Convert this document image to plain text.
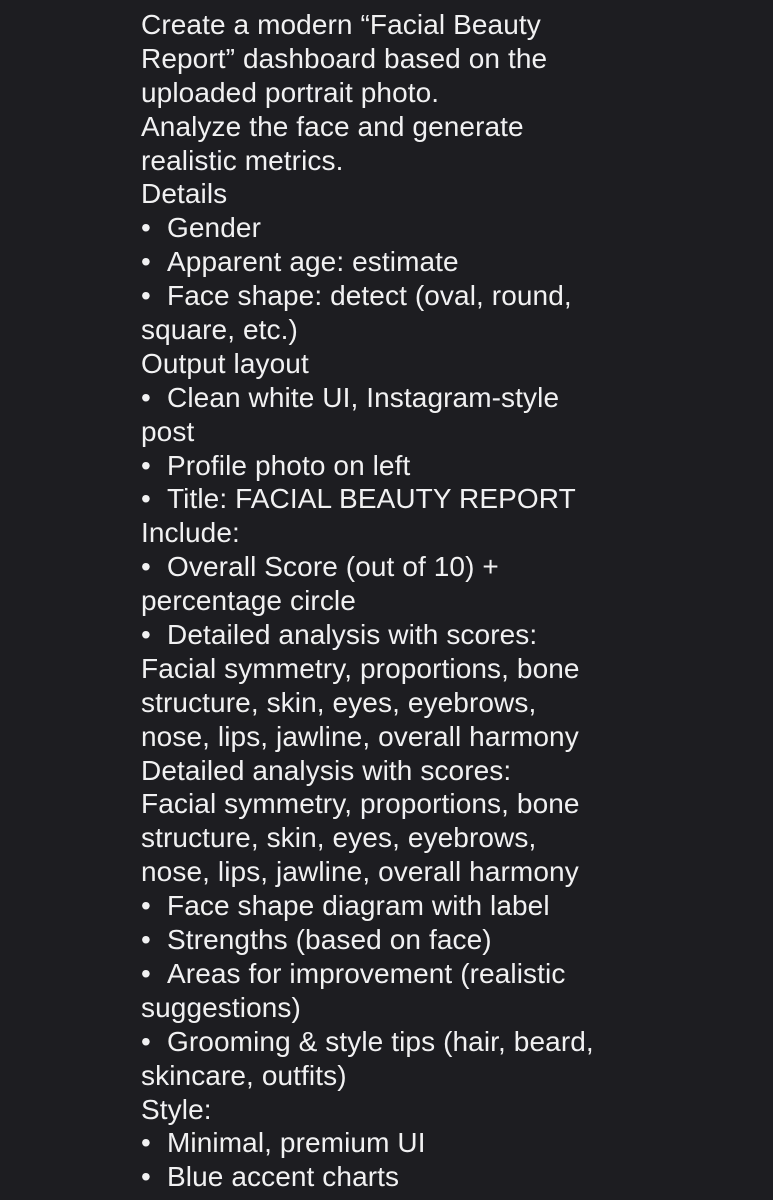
Create a modern “Facial Beauty
Report” dashboard based on the
uploaded portrait photo.
Analyze the face and generate
realistic metrics.
Details
• Gender
• Apparent age: estimate
• Face shape: detect (oval, round,
square, etc.)
Output layout
• Clean white UI, Instagram-style
post
• Profile photo on left
• Title: FACIAL BEAUTY REPORT
Include:
• Overall Score (out of 10) +
percentage circle
• Detailed analysis with scores:
Facial symmetry, proportions, bone
structure, skin, eyes, eyebrows,
nose, lips, jawline, overall harmony
Detailed analysis with scores:
Facial symmetry, proportions, bone
structure, skin, eyes, eyebrows,
nose, lips, jawline, overall harmony
• Face shape diagram with label
• Strengths (based on face)
• Areas for improvement (realistic
suggestions)
• Grooming & style tips (hair, beard,
skincare, outfits)
Style:
• Minimal, premium UI
• Blue accent charts
